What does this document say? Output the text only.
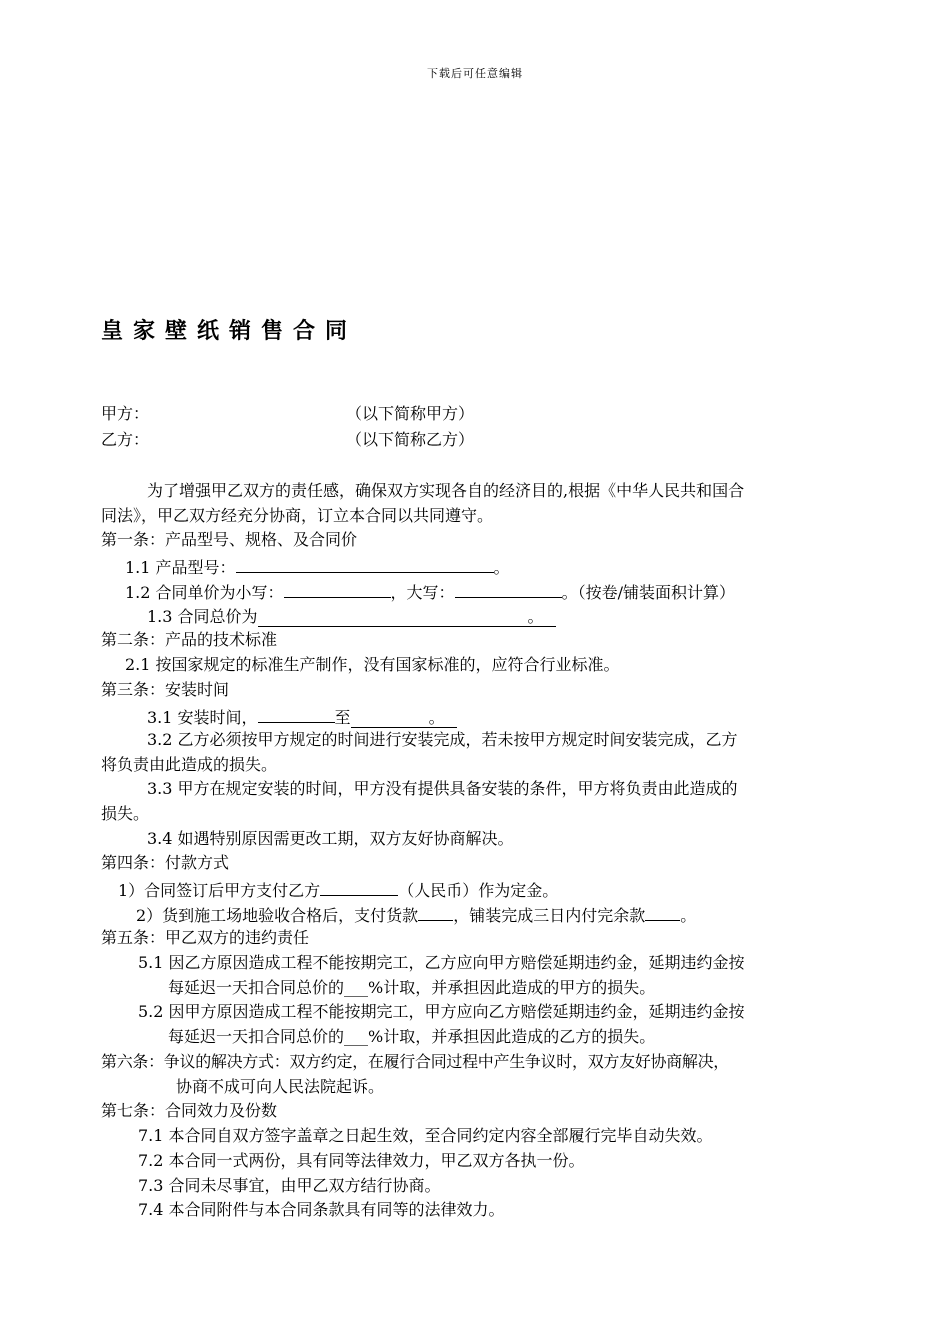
下载后可任意编辑
皇家壁纸销售合同
甲方：	（以下简称甲方）
乙方：	（以下简称乙方）
为了增强甲乙双方的责任感，确保双方实现各自的经济目的,根据《中华人民共和国合
同法》，甲乙双方经充分协商，订立本合同以共同遵守。
第一条：产品型号、规格、及合同价
1.1 产品型号：	。
1.2 合同单价为小写：	，大写：	。（按卷/铺装面积计算）
1.3 合同总价为	。
第二条：产品的技术标准
2.1 按国家规定的标准生产制作，没有国家标准的，应符合行业标准。
第三条：安装时间
3.1 安装时间，	至	。
3.2 乙方必须按甲方规定的时间进行安装完成，若未按甲方规定时间安装完成，乙方
将负责由此造成的损失。
3.3 甲方在规定安装的时间，甲方没有提供具备安装的条件，甲方将负责由此造成的
损失。
3.4 如遇特别原因需更改工期，双方友好协商解决。
第四条：付款方式
1）合同签订后甲方支付乙方	（人民币）作为定金。
2）货到施工场地验收合格后，支付货款 ，铺装完成三日内付完余款 。
第五条：甲乙双方的违约责任
5.1 因乙方原因造成工程不能按期完工，乙方应向甲方赔偿延期违约金，延期违约金按
每延迟一天扣合同总价的___%计取，并承担因此造成的甲方的损失。
5.2 因甲方原因造成工程不能按期完工，甲方应向乙方赔偿延期违约金，延期违约金按
每延迟一天扣合同总价的___%计取，并承担因此造成的乙方的损失。
第六条：争议的解决方式：双方约定，在履行合同过程中产生争议时，双方友好协商解决，
协商不成可向人民法院起诉。
第七条：合同效力及份数
7.1 本合同自双方签字盖章之日起生效，至合同约定内容全部履行完毕自动失效。
7.2 本合同一式两份，具有同等法律效力，甲乙双方各执一份。
7.3 合同未尽事宜，由甲乙双方结行协商。
7.4 本合同附件与本合同条款具有同等的法律效力。
